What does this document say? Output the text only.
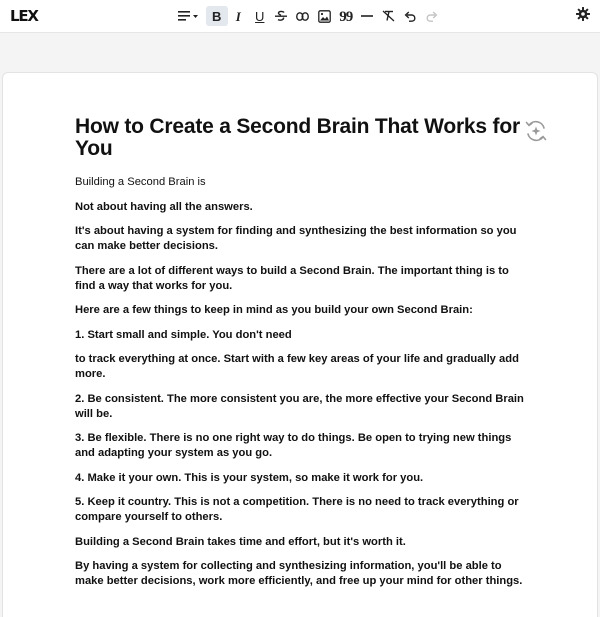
LEX	B I U	99
How to Create a Second Brain That Works for You

Building a Second Brain is

Not about having all the answers.

It's about having a system for finding and synthesizing the best information so you can make better decisions.

There are a lot of different ways to build a Second Brain. The important thing is to find a way that works for you.

Here are a few things to keep in mind as you build your own Second Brain:

1. Start small and simple. You don't need

to track everything at once. Start with a few key areas of your life and gradually add more.

2. Be consistent. The more consistent you are, the more effective your Second Brain will be.

3. Be flexible. There is no one right way to do things. Be open to trying new things and adapting your system as you go.

4. Make it your own. This is your system, so make it work for you.

5. Keep it country. This is not a competition. There is no need to track everything or compare yourself to others.

Building a Second Brain takes time and effort, but it's worth it.

By having a system for collecting and synthesizing information, you'll be able to make better decisions, work more efficiently, and free up your mind for other things.
